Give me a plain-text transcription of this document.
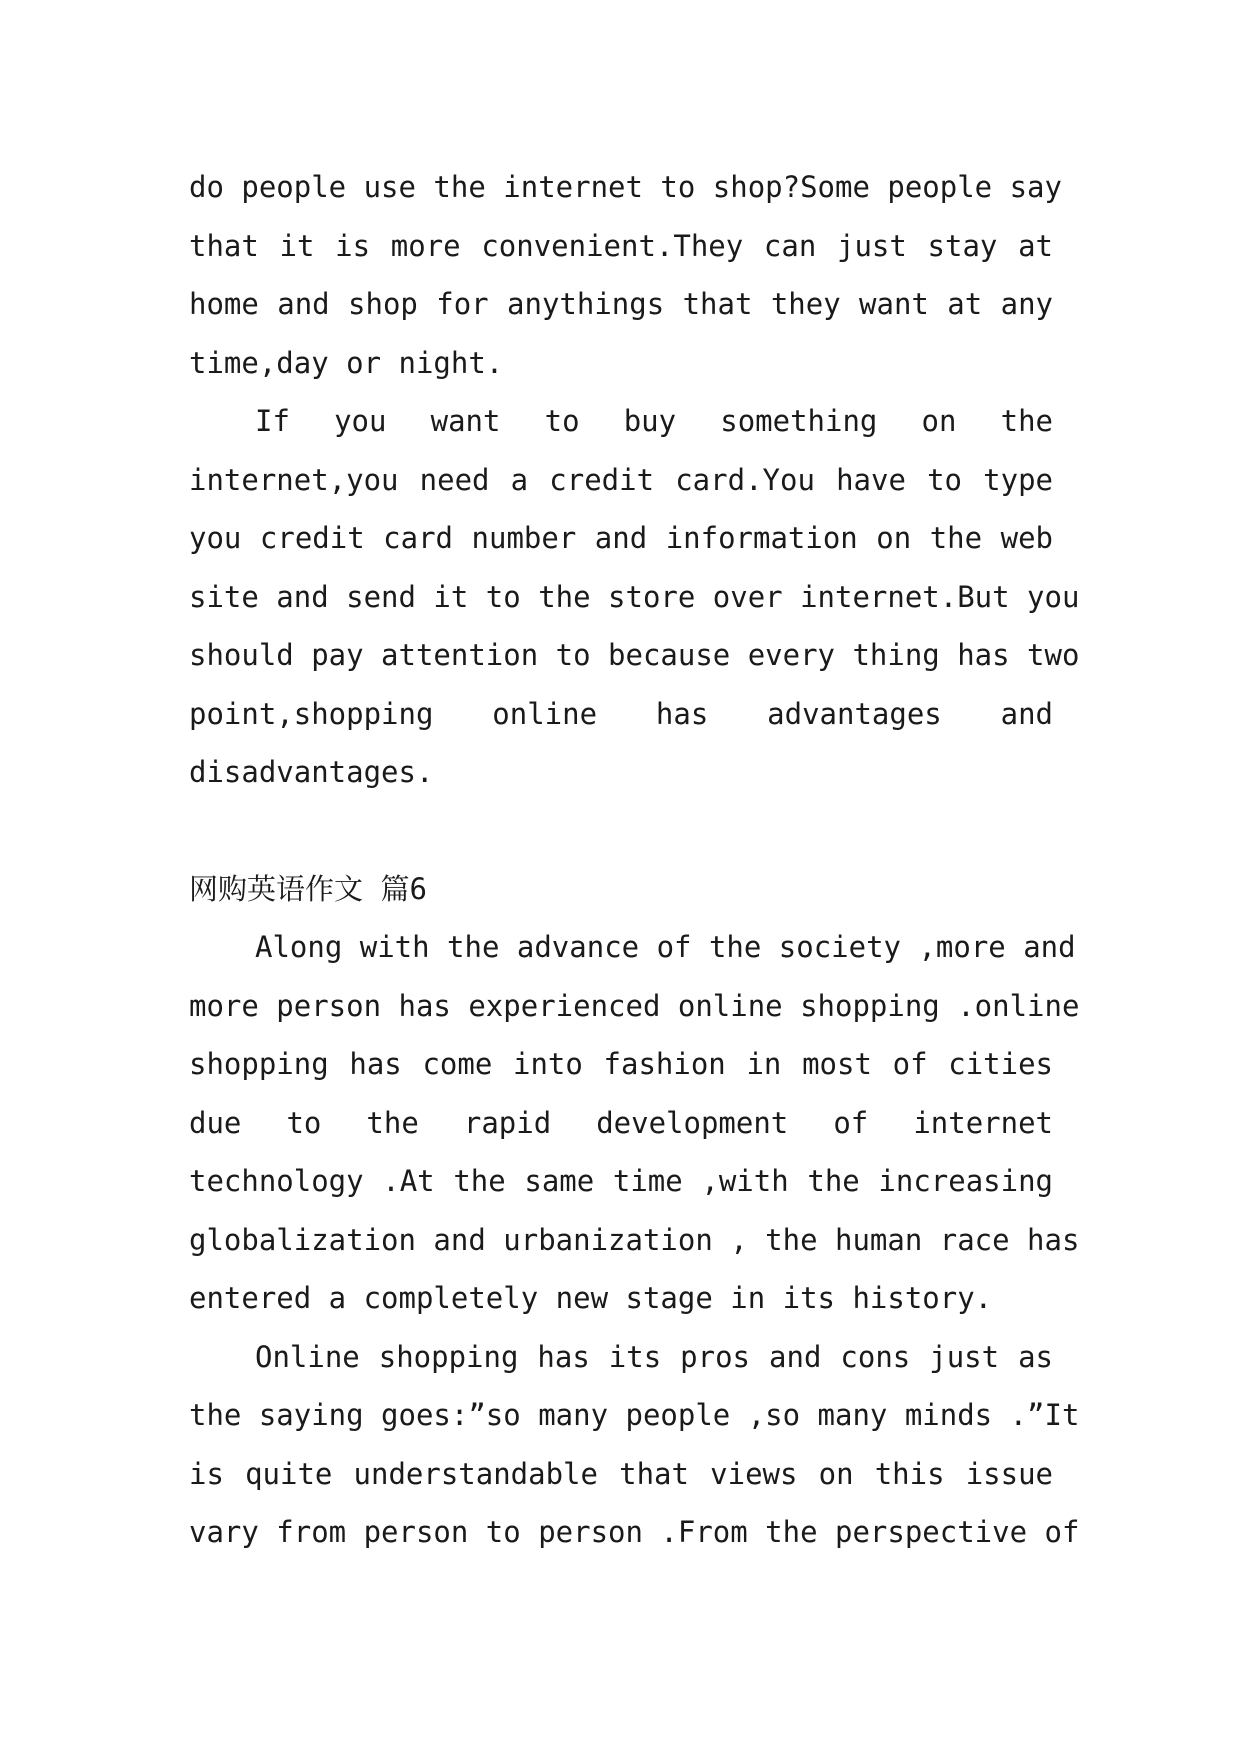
do people use the internet to shop?Some people say
that it is more convenient.They can just stay at
home and shop for anythings that they want at any
time,day or night.
If you want to buy something on the
internet,you need a credit card.You have to type
you credit card number and information on the web
site and send it to the store over internet.But you
should pay attention to because every thing has two
point,shopping online has advantages and
disadvantages.
网购英语作文 篇6
Along with the advance of the society ,more and
more person has experienced online shopping .online
shopping has come into fashion in most of cities
due to the rapid development of internet
technology .At the same time ,with the increasing
globalization and urbanization , the human race has
entered a completely new stage in its history.
Online shopping has its pros and cons just as
the saying goes:”so many people ,so many minds .”It
is quite understandable that views on this issue
vary from person to person .From the perspective of
